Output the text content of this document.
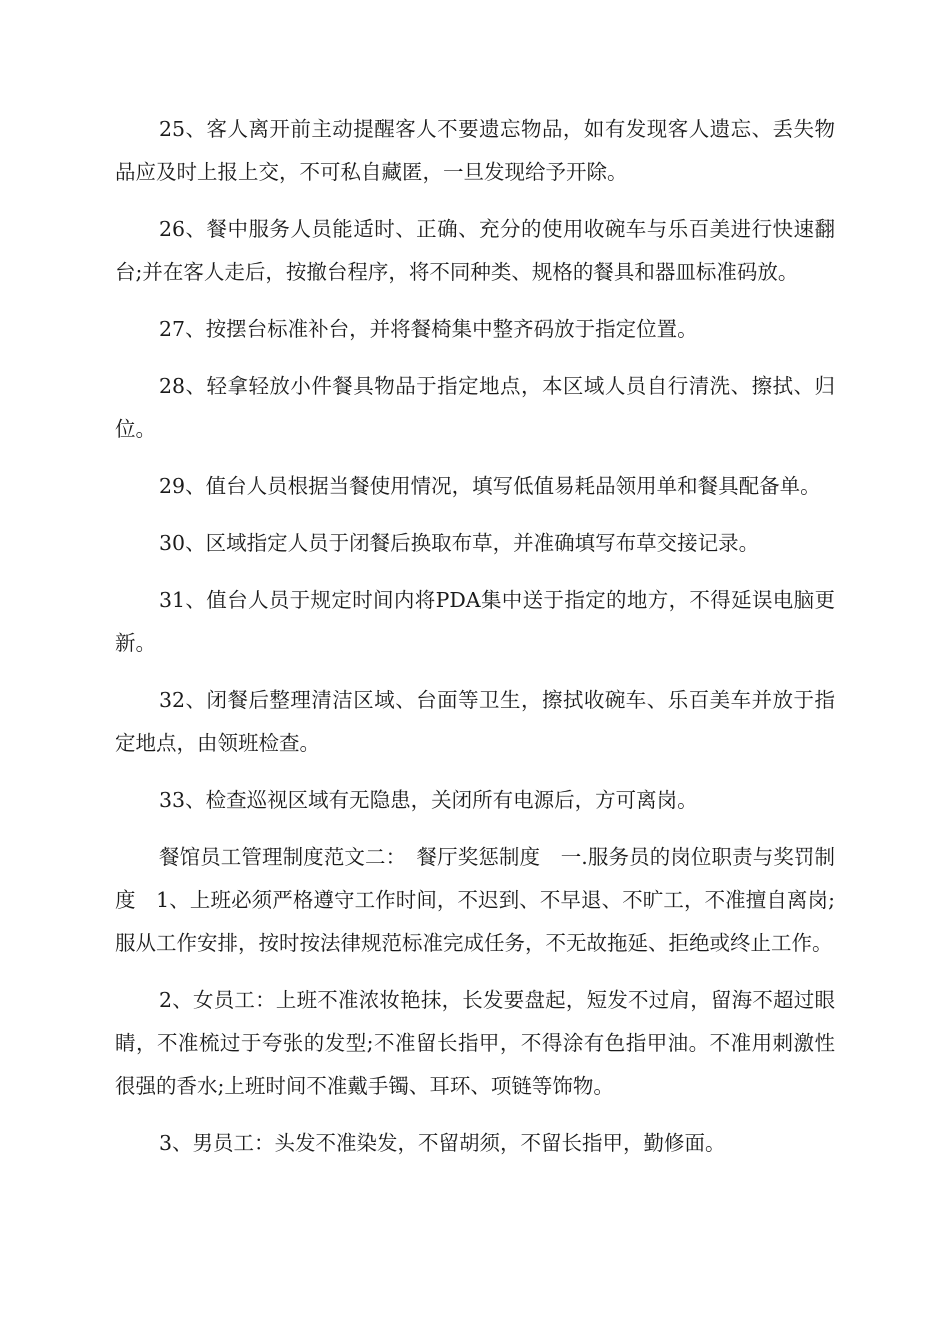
25、客人离开前主动提醒客人不要遗忘物品，如有发现客人遗忘、丢失物品应及时上报上交，不可私自藏匿，一旦发现给予开除。

26、餐中服务人员能适时、正确、充分的使用收碗车与乐百美进行快速翻台;并在客人走后，按撤台程序，将不同种类、规格的餐具和器皿标准码放。

27、按摆台标准补台，并将餐椅集中整齐码放于指定位置。

28、轻拿轻放小件餐具物品于指定地点，本区域人员自行清洗、擦拭、归位。

29、值台人员根据当餐使用情况，填写低值易耗品领用单和餐具配备单。

30、区域指定人员于闭餐后换取布草，并准确填写布草交接记录。

31、值台人员于规定时间内将PDA集中送于指定的地方，不得延误电脑更新。

32、闭餐后整理清洁区域、台面等卫生，擦拭收碗车、乐百美车并放于指定地点，由领班检查。

33、检查巡视区域有无隐患，关闭所有电源后，方可离岗。

餐馆员工管理制度范文二：　餐厅奖惩制度　一.服务员的岗位职责与奖罚制度　1、上班必须严格遵守工作时间，不迟到、不早退、不旷工，不准擅自离岗;服从工作安排，按时按法律规范标准完成任务，不无故拖延、拒绝或终止工作。

2、女员工：上班不准浓妆艳抹，长发要盘起，短发不过肩，留海不超过眼睛，不准梳过于夸张的发型;不准留长指甲，不得涂有色指甲油。不准用刺激性很强的香水;上班时间不准戴手镯、耳环、项链等饰物。

3、男员工：头发不准染发，不留胡须，不留长指甲，勤修面。
